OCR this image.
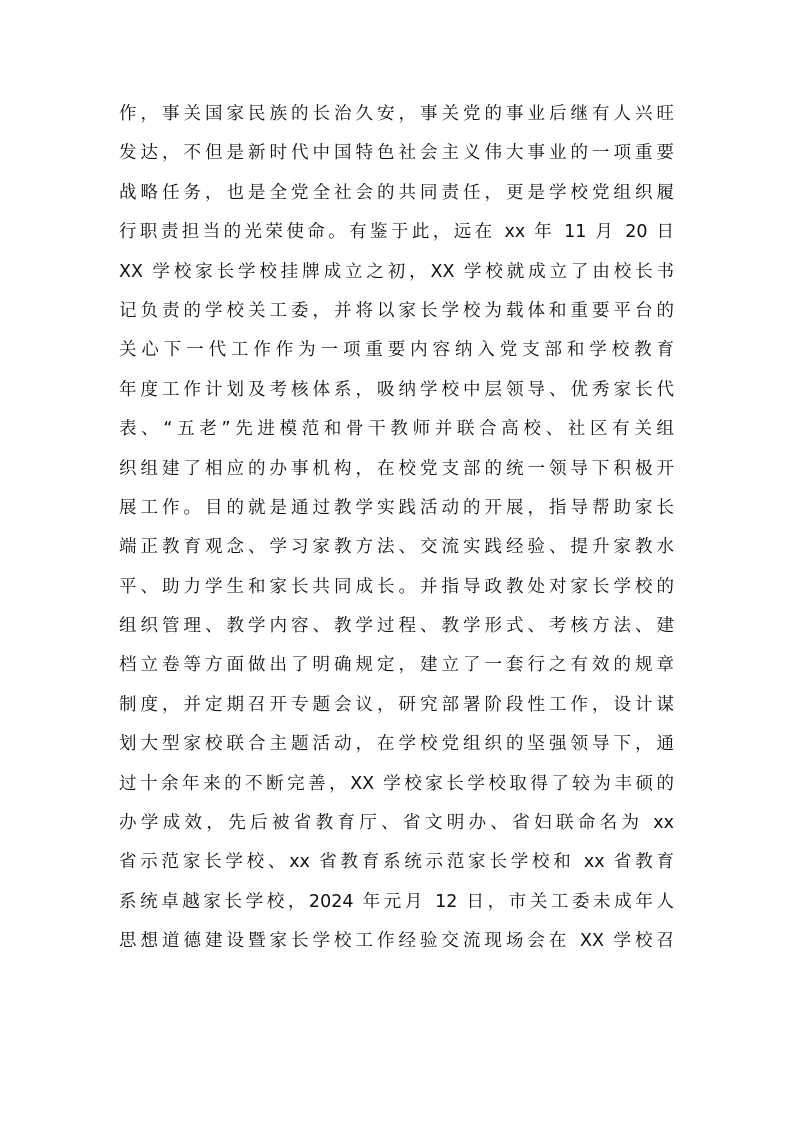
作，事关国家民族的长治久安，事关党的事业后继有人兴旺
发达，不但是新时代中国特色社会主义伟大事业的一项重要
战略任务，也是全党全社会的共同责任，更是学校党组织履
行职责担当的光荣使命。有鉴于此，远在 xx 年 11 月 20 日
XX 学校家长学校挂牌成立之初，XX 学校就成立了由校长书
记负责的学校关工委，并将以家长学校为载体和重要平台的
关心下一代工作作为一项重要内容纳入党支部和学校教育
年度工作计划及考核体系，吸纳学校中层领导、优秀家长代
表、“五老”先进模范和骨干教师并联合高校、社区有关组
织组建了相应的办事机构，在校党支部的统一领导下积极开
展工作。目的就是通过教学实践活动的开展，指导帮助家长
端正教育观念、学习家教方法、交流实践经验、提升家教水
平、助力学生和家长共同成长。并指导政教处对家长学校的
组织管理、教学内容、教学过程、教学形式、考核方法、建
档立卷等方面做出了明确规定，建立了一套行之有效的规章
制度，并定期召开专题会议，研究部署阶段性工作，设计谋
划大型家校联合主题活动，在学校党组织的坚强领导下，通
过十余年来的不断完善，XX 学校家长学校取得了较为丰硕的
办学成效，先后被省教育厅、省文明办、省妇联命名为 xx
省示范家长学校、xx 省教育系统示范家长学校和 xx 省教育
系统卓越家长学校，2024 年元月 12 日，市关工委未成年人
思想道德建设暨家长学校工作经验交流现场会在 XX 学校召
